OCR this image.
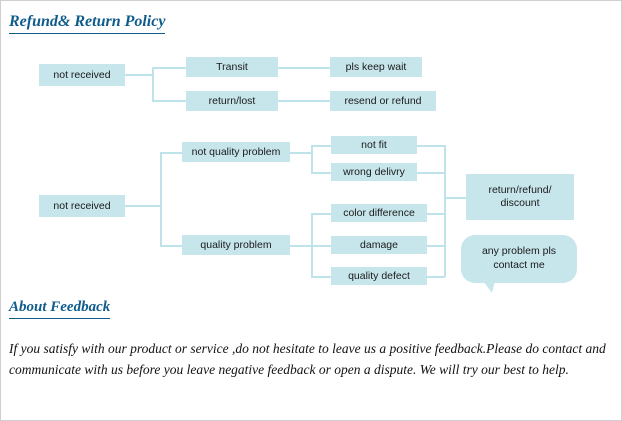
Refund& Return Policy
not received
Transit
return/lost
pls keep wait
resend or refund
not received
not quality problem
quality problem
not fit
wrong delivry
color difference
damage
quality defect
return/refund/
discount
any problem pls
contact me
About Feedback
If you satisfy with our product or service ,do not hesitate to leave us a positive feedback.Please do contact and communicate with us before you leave negative feedback or open a dispute. We will try our best to help.
